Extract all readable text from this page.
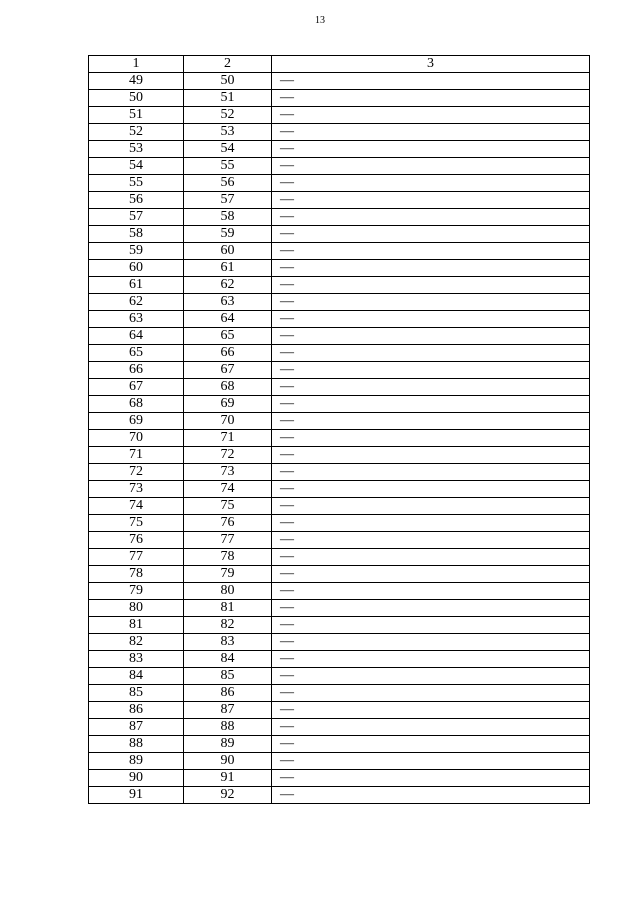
13
1	2	3
49	50	—
50	51	—
51	52	—
52	53	—
53	54	—
54	55	—
55	56	—
56	57	—
57	58	—
58	59	—
59	60	—
60	61	—
61	62	—
62	63	—
63	64	—
64	65	—
65	66	—
66	67	—
67	68	—
68	69	—
69	70	—
70	71	—
71	72	—
72	73	—
73	74	—
74	75	—
75	76	—
76	77	—
77	78	—
78	79	—
79	80	—
80	81	—
81	82	—
82	83	—
83	84	—
84	85	—
85	86	—
86	87	—
87	88	—
88	89	—
89	90	—
90	91	—
91	92	—
